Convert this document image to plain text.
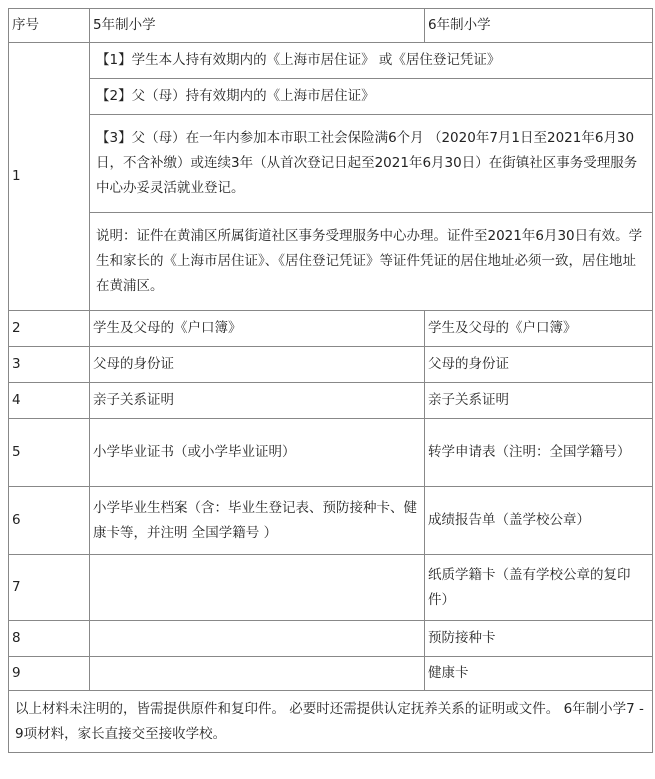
序号	5年制小学	6年制小学
1	【1】学生本人持有效期内的《上海市居住证》 或《居住登记凭证》	
	【2】父（母）持有效期内的《上海市居住证》	
	【3】父（母）在一年内参加本市职工社会保险满6个月 （2020年7月1日至2021年6月30日，不含补缴）或连续3年（从首次登记日起至2021年6月30日）在街镇社区事务受理服务中心办妥灵活就业登记。	
	说明：证件在黄浦区所属街道社区事务受理服务中心办理。证件至2021年6月30日有效。学生和家长的《上海市居住证》、《居住登记凭证》等证件凭证的居住地址必须一致，居住地址在黄浦区。	
2	学生及父母的《户口簿》	学生及父母的《户口簿》
3	父母的身份证	父母的身份证
4	亲子关系证明	亲子关系证明
5	小学毕业证书（或小学毕业证明）	转学申请表（注明：全国学籍号）
6	小学毕业生档案（含：毕业生登记表、预防接种卡、健康卡等，并注明 全国学籍号 ）	成绩报告单（盖学校公章）
7		纸质学籍卡（盖有学校公章的复印件）
8		预防接种卡
9		健康卡
以上材料未注明的，皆需提供原件和复印件。 必要时还需提供认定抚养关系的证明或文件。 6年制小学7 - 9项材料，家长直接交至接收学校。		
